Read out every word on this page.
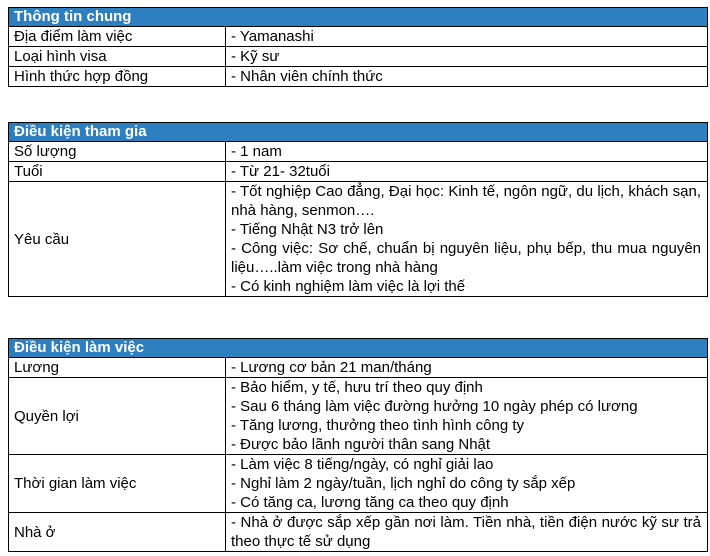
Thông tin chung	
Địa điểm làm việc	- Yamanashi

Loại hình visa	- Kỹ sư

Hình thức hợp đồng	- Nhân viên chính thức
Điều kiện tham gia	
Số lượng	- 1 nam

Tuổi	- Từ 21- 32tuổi

Yêu cầu	- Tốt nghiệp Cao đẳng, Đại học: Kinh tế, ngôn ngữ, du lịch, khách sạn, nhà hàng, senmon….
- Tiếng Nhật N3 trở lên
- Công việc: Sơ chế, chuẩn bị nguyên liệu, phụ bếp, thu mua nguyên liệu…..làm việc trong nhà hàng
- Có kinh nghiệm làm việc là lợi thế
Điều kiện làm việc	
Lương	- Lương cơ bản 21 man/tháng

Quyền lợi	- Bảo hiểm, y tế, hưu trí theo quy định
- Sau 6 tháng làm việc đường hưởng 10 ngày phép có lương
- Tăng lương, thưởng theo tình hình công ty
- Được bảo lãnh người thân sang Nhật

Thời gian làm việc	- Làm việc 8 tiếng/ngày, có nghỉ giải lao
- Nghỉ làm 2 ngày/tuần, lịch nghỉ do công ty sắp xếp
- Có tăng ca, lương tăng ca theo quy định

Nhà ở	- Nhà ở được sắp xếp gần nơi làm. Tiền nhà, tiền điện nước kỹ sư trả theo thực tế sử dụng
